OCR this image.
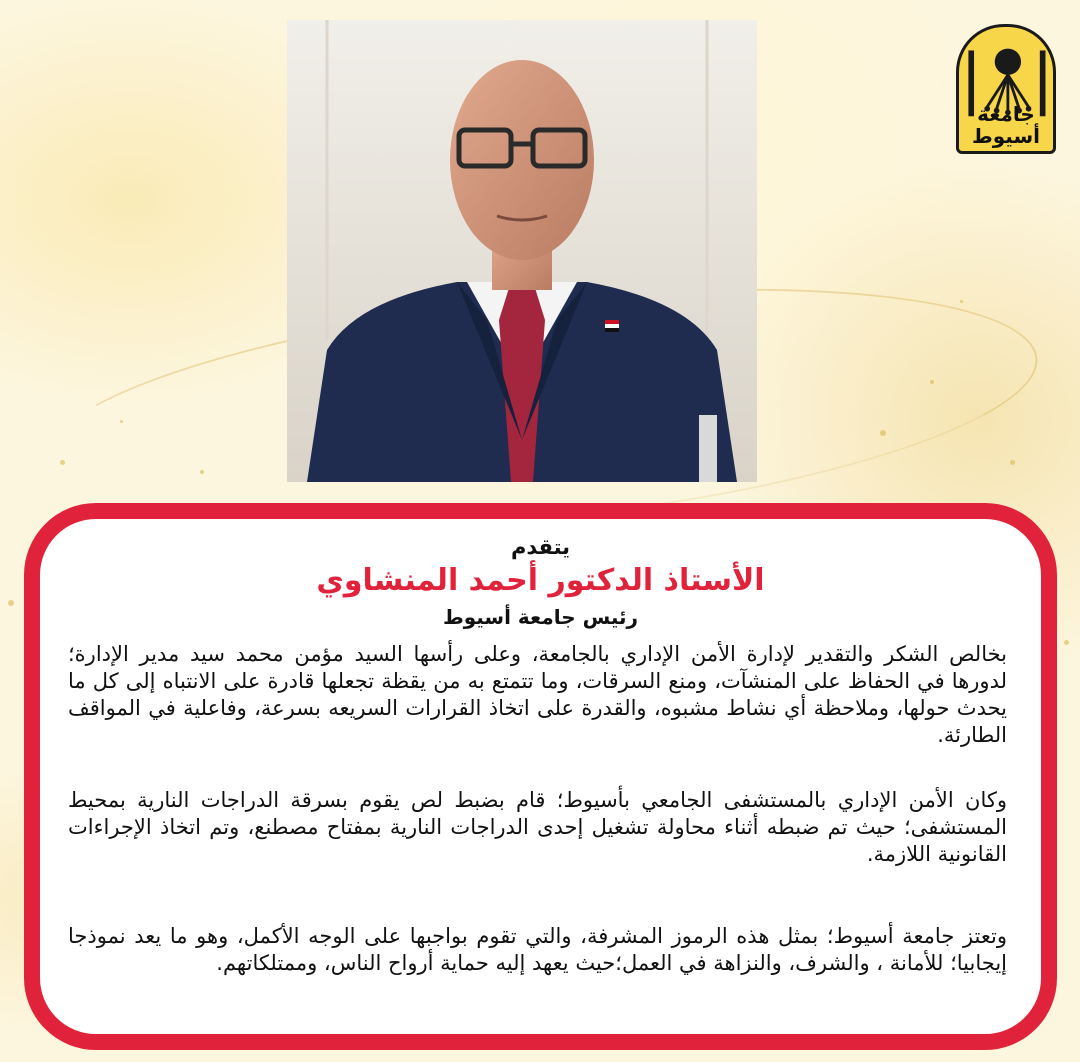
جامعة أسيوط
يتقدم
الأستاذ الدكتور أحمد المنشاوي
رئيس جامعة أسيوط

بخالص الشكر والتقدير لإدارة الأمن الإداري بالجامعة، وعلى رأسها السيد مؤمن محمد سيد مدير الإدارة؛ لدورها في الحفاظ على المنشآت، ومنع السرقات، وما تتمتع به من يقظة تجعلها قادرة على الانتباه إلى كل ما يحدث حولها، وملاحظة أي نشاط مشبوه، والقدرة على اتخاذ القرارات السريعه بسرعة، وفاعلية في المواقف الطارئة.

وكان الأمن الإداري بالمستشفى الجامعي بأسيوط؛ قام بضبط لص يقوم بسرقة الدراجات النارية بمحيط المستشفى؛ حيث تم ضبطه أثناء محاولة تشغيل إحدى الدراجات النارية بمفتاح مصطنع، وتم اتخاذ الإجراءات القانونية اللازمة.

وتعتز جامعة أسيوط؛ بمثل هذه الرموز المشرفة، والتي تقوم بواجبها على الوجه الأكمل، وهو ما يعد نموذجا إيجابيا؛ للأمانة ، والشرف، والنزاهة في العمل؛حيث يعهد إليه حماية أرواح الناس، وممتلكاتهم.
